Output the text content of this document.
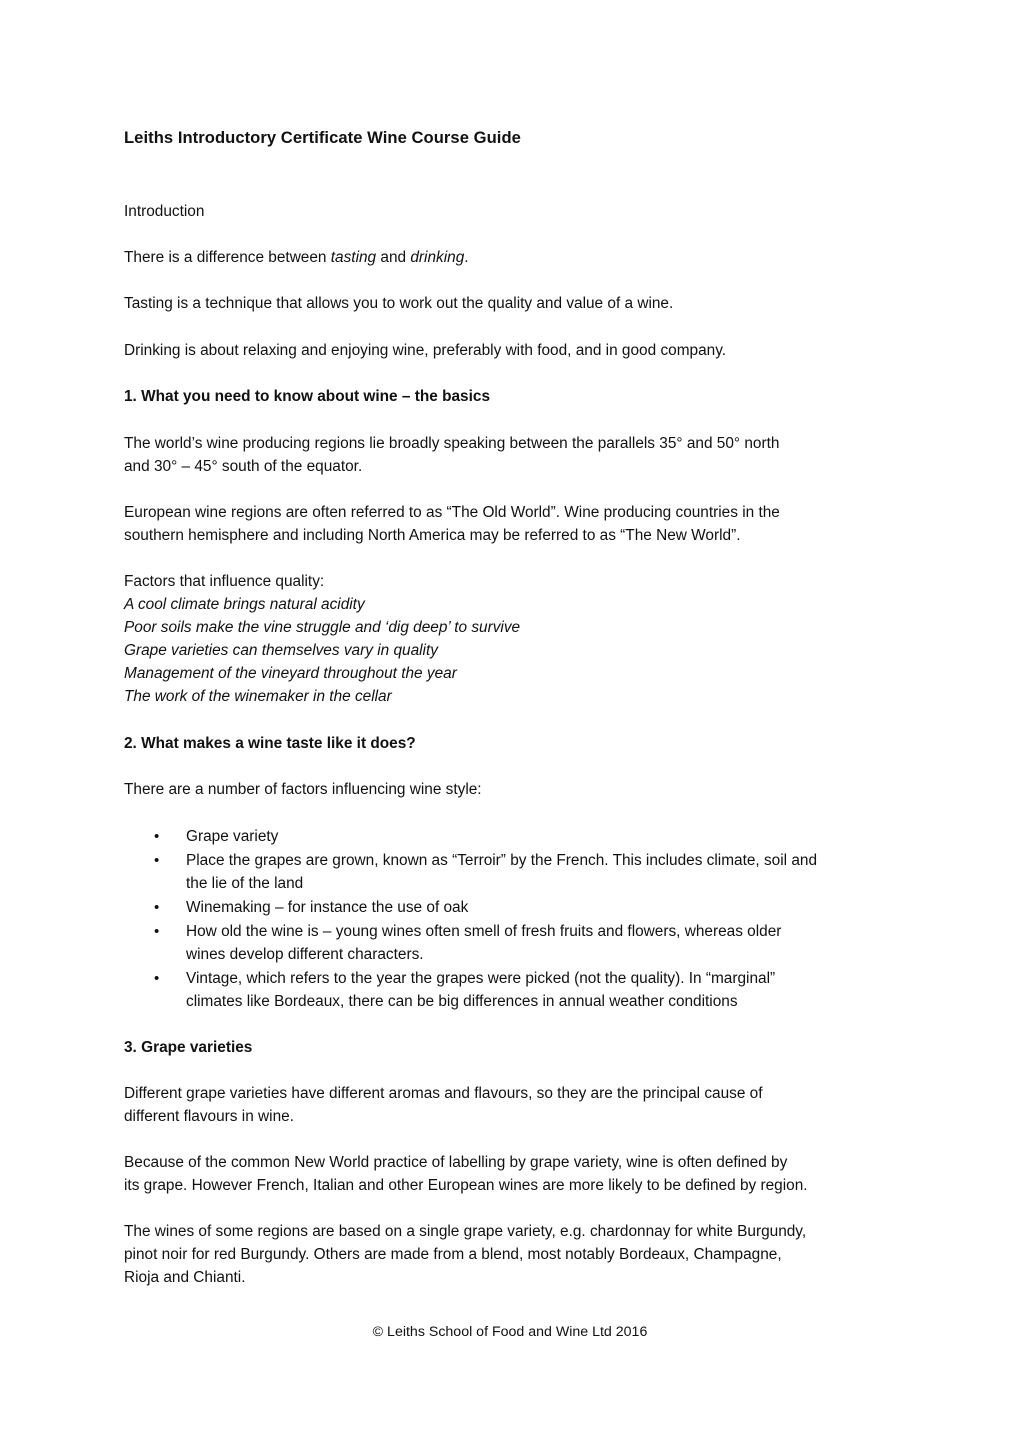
Leiths Introductory Certificate Wine Course Guide
Introduction
There is a difference between tasting and drinking.
Tasting is a technique that allows you to work out the quality and value of a wine.
Drinking is about relaxing and enjoying wine, preferably with food, and in good company.
1. What you need to know about wine – the basics
The world’s wine producing regions lie broadly speaking between the parallels 35° and 50° north
and 30° – 45° south of the equator.
European wine regions are often referred to as “The Old World”. Wine producing countries in the
southern hemisphere and including North America may be referred to as “The New World”.
Factors that influence quality:
A cool climate brings natural acidity
Poor soils make the vine struggle and ‘dig deep’ to survive
Grape varieties can themselves vary in quality
Management of the vineyard throughout the year
The work of the winemaker in the cellar
2. What makes a wine taste like it does?
There are a number of factors influencing wine style:
• Grape variety
• Place the grapes are grown, known as “Terroir” by the French. This includes climate, soil and
the lie of the land
• Winemaking – for instance the use of oak
• How old the wine is – young wines often smell of fresh fruits and flowers, whereas older
wines develop different characters.
• Vintage, which refers to the year the grapes were picked (not the quality). In “marginal”
climates like Bordeaux, there can be big differences in annual weather conditions
3. Grape varieties
Different grape varieties have different aromas and flavours, so they are the principal cause of
different flavours in wine.
Because of the common New World practice of labelling by grape variety, wine is often defined by
its grape. However French, Italian and other European wines are more likely to be defined by region.
The wines of some regions are based on a single grape variety, e.g. chardonnay for white Burgundy,
pinot noir for red Burgundy. Others are made from a blend, most notably Bordeaux, Champagne,
Rioja and Chianti.
© Leiths School of Food and Wine Ltd 2016
